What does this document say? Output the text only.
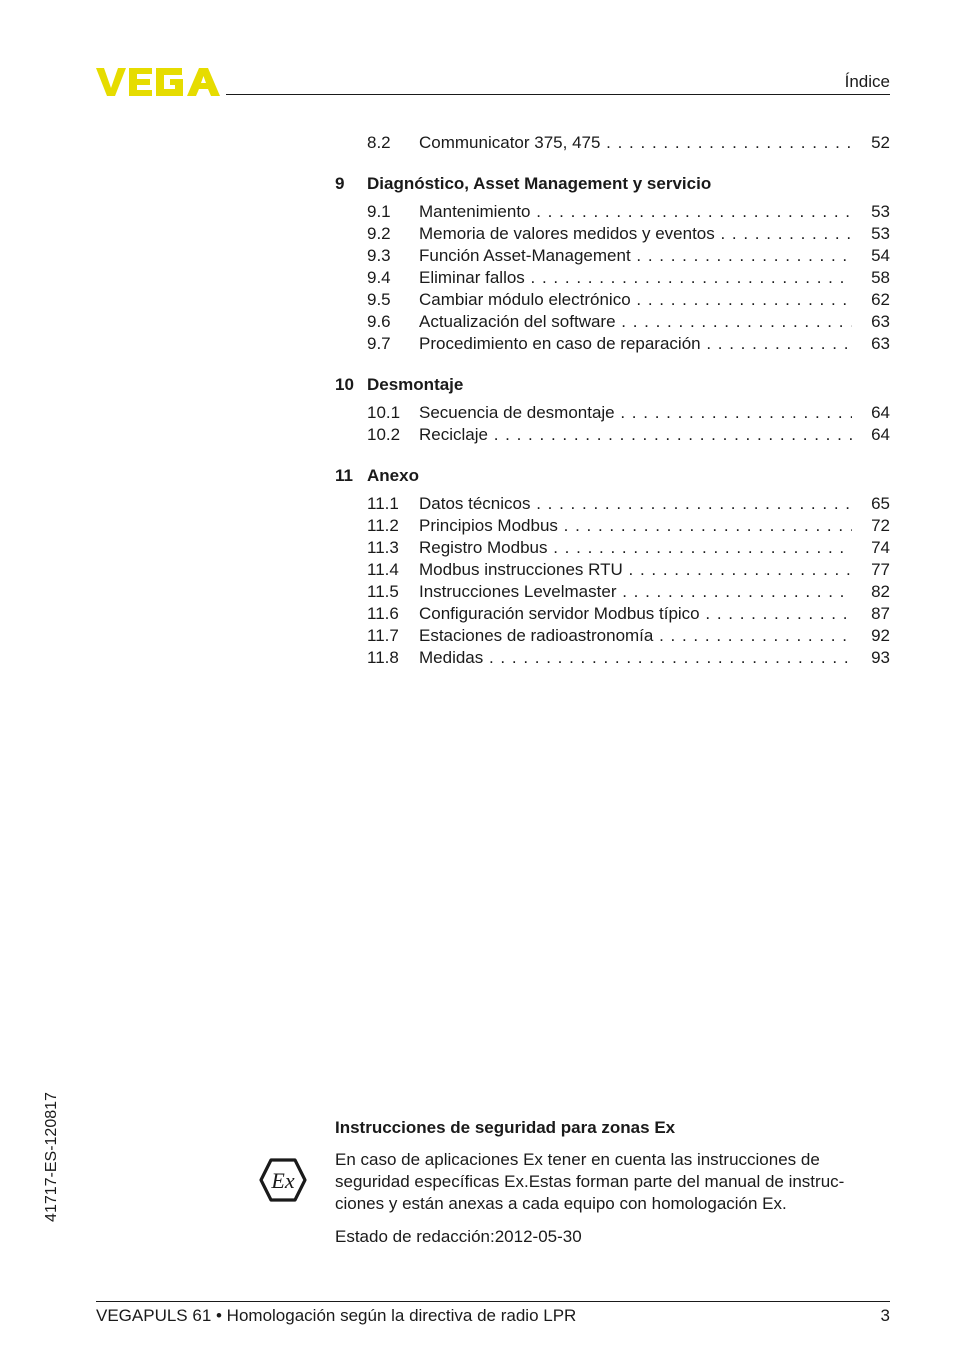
Índice
8.2 Communicator 375, 475 . . .	52
9 Diagnóstico, Asset Management y servicio
9.1 Mantenimiento . . .	53
9.2 Memoria de valores medidos y eventos . . .	53
9.3 Función Asset-Management . . .	54
9.4 Eliminar fallos . . .	58
9.5 Cambiar módulo electrónico . . .	62
9.6 Actualización del software . . .	63
9.7 Procedimiento en caso de reparación . . .	63
10 Desmontaje
10.1 Secuencia de desmontaje . . .	64
10.2 Reciclaje . . .	64
11 Anexo
11.1 Datos técnicos . . .	65
11.2 Principios Modbus . . .	72
11.3 Registro Modbus . . .	74
11.4 Modbus instrucciones RTU . . .	77
11.5 Instrucciones Levelmaster . . .	82
11.6 Configuración servidor Modbus típico . . .	87
11.7 Estaciones de radioastronomía . . .	92
11.8 Medidas . . .	93
Instrucciones de seguridad para zonas Ex
Ex

En caso de aplicaciones Ex tener en cuenta las instrucciones de
seguridad específicas Ex.Estas forman parte del manual de instruc-
ciones y están anexas a cada equipo con homologación Ex.

Estado de redacción:2012-05-30
41717-ES-120817
VEGAPULS 61 • Homologación según la directiva de radio LPR	3
